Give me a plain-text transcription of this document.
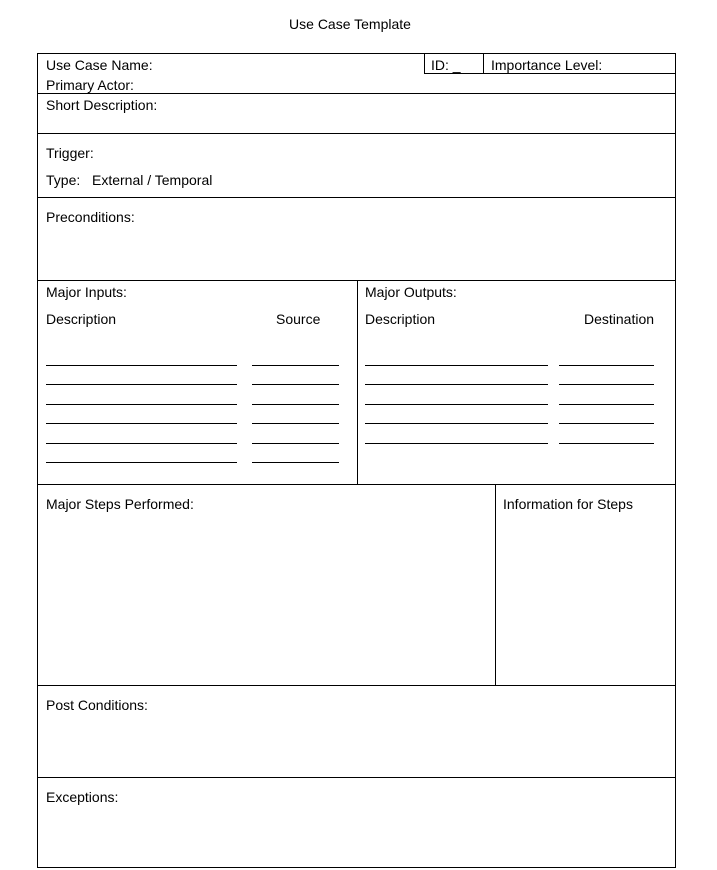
Use Case Template
Use Case Name:	ID: _ Importance Level:
Primary Actor:
Short Description:
Trigger:
Type: External / Temporal
Preconditions:
Major Inputs:
Description	Source
Major Outputs:
Description	Destination
Major Steps Performed:	Information for Steps
Post Conditions:
Exceptions:
